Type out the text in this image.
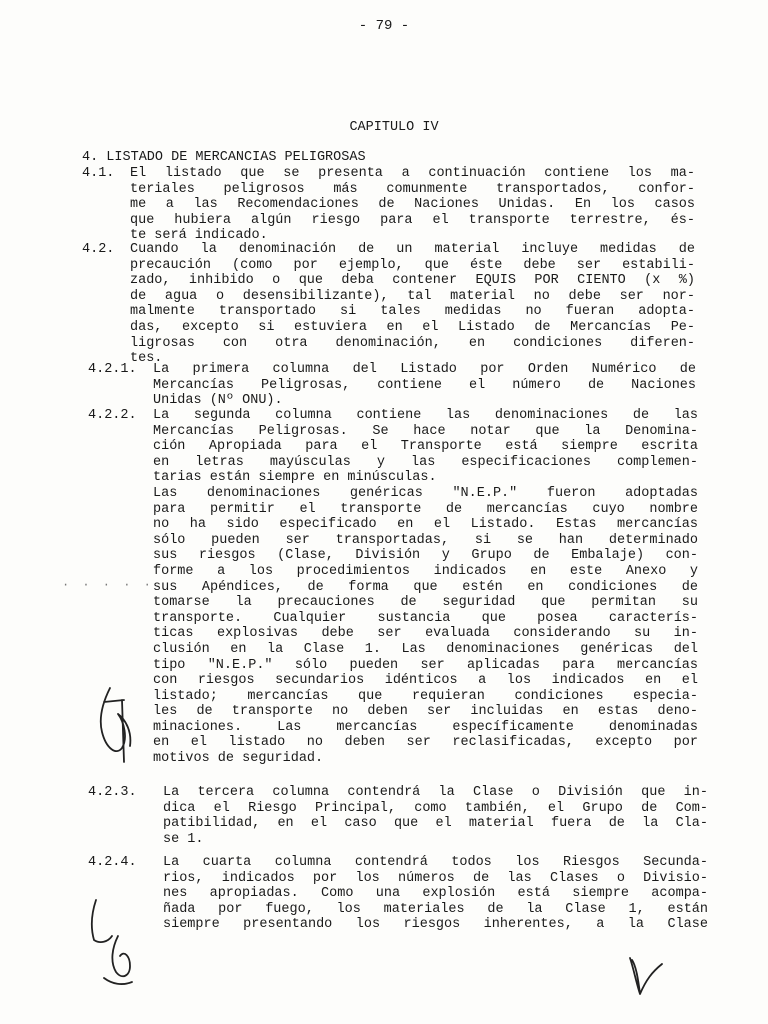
- 79 -
CAPITULO IV
4. LISTADO DE MERCANCIAS PELIGROSAS
4.1. El listado que se presenta a continuación contiene los ma-
teriales peligrosos más comunmente transportados, confor-
me a las Recomendaciones de Naciones Unidas. En los casos
que hubiera algún riesgo para el transporte terrestre, és-
te será indicado.
4.2. Cuando la denominación de un material incluye medidas de
precaución (como por ejemplo, que éste debe ser estabili-
zado, inhibido o que deba contener EQUIS POR CIENTO (x %)
de agua o desensibilizante), tal material no debe ser nor-
malmente transportado si tales medidas no fueran adopta-
das, excepto si estuviera en el Listado de Mercancías Pe-
ligrosas con otra denominación, en condiciones diferen-
tes.
4.2.1. La primera columna del Listado por Orden Numérico de
Mercancías Peligrosas, contiene el número de Naciones
Unidas (Nº ONU).
4.2.2. La segunda columna contiene las denominaciones de las
Mercancías Peligrosas. Se hace notar que la Denomina-
ción Apropiada para el Transporte está siempre escrita
en letras mayúsculas y las especificaciones complemen-
tarias están siempre en minúsculas.
Las denominaciones genéricas "N.E.P." fueron adoptadas
para permitir el transporte de mercancías cuyo nombre
no ha sido especificado en el Listado. Estas mercancías
sólo pueden ser transportadas, si se han determinado
sus riesgos (Clase, División y Grupo de Embalaje) con-
forme a los procedimientos indicados en este Anexo y
sus Apéndices, de forma que estén en condiciones de
tomarse la precauciones de seguridad que permitan su
transporte. Cualquier sustancia que posea caracterís-
ticas explosivas debe ser evaluada considerando su in-
clusión en la Clase 1. Las denominaciones genéricas del
tipo "N.E.P." sólo pueden ser aplicadas para mercancías
con riesgos secundarios idénticos a los indicados en el
listado; mercancías que requieran condiciones especia-
les de transporte no deben ser incluidas en estas deno-
minaciones. Las mercancías específicamente denominadas
en el listado no deben ser reclasificadas, excepto por
motivos de seguridad.
4.2.3. La tercera columna contendrá la Clase o División que in-
dica el Riesgo Principal, como también, el Grupo de Com-
patibilidad, en el caso que el material fuera de la Cla-
se 1.
4.2.4. La cuarta columna contendrá todos los Riesgos Secunda-
rios, indicados por los números de las Clases o Divisio-
nes apropiadas. Como una explosión está siempre acompa-
ñada por fuego, los materiales de la Clase 1, están
siempre presentando los riesgos inherentes, a la Clase
· · · · ·
